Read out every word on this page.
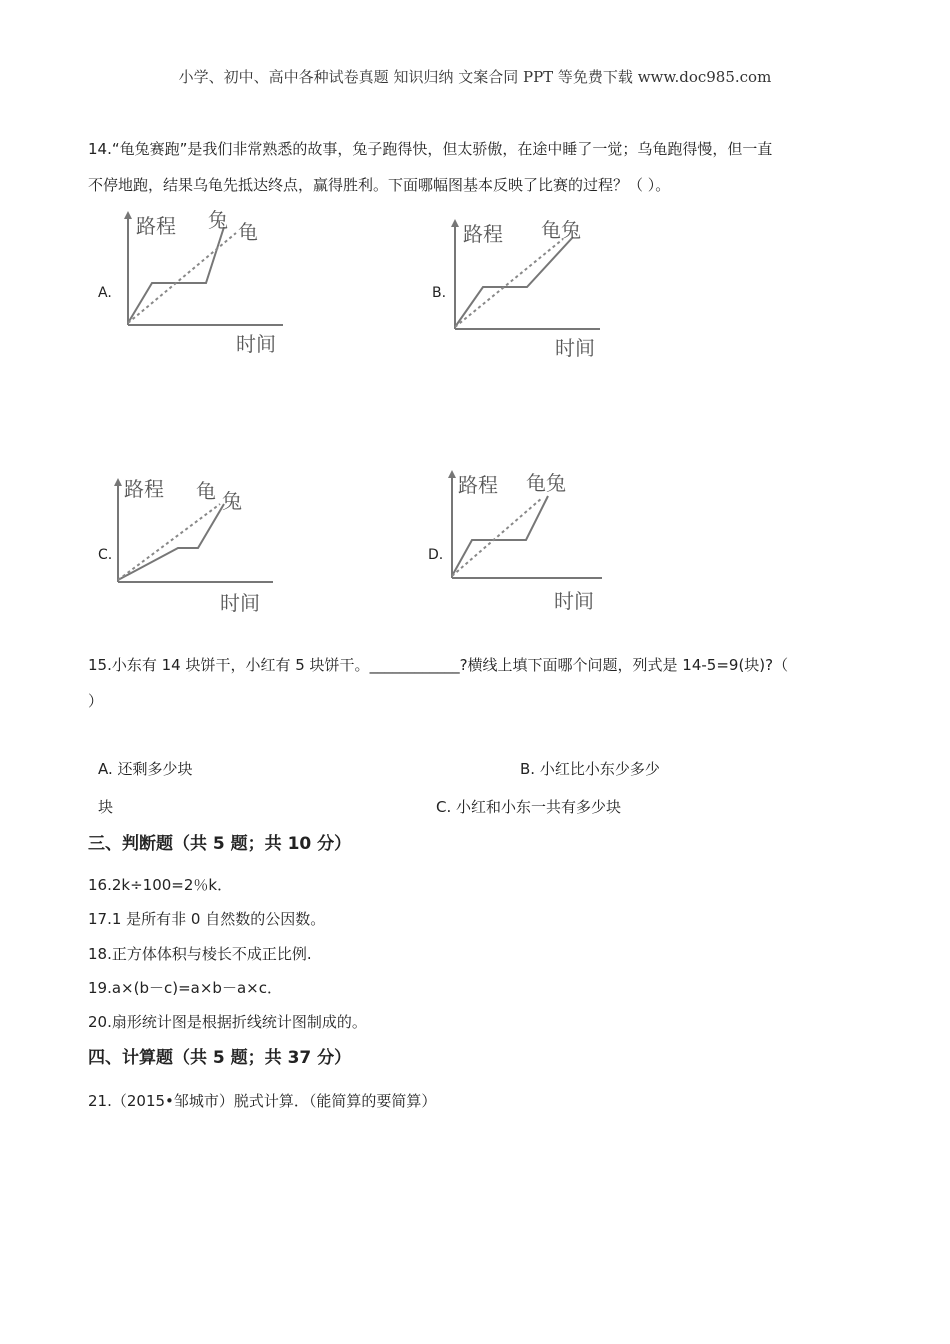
小学、初中、高中各种试卷真题 知识归纳 文案合同 PPT 等免费下载 www.doc985.com
14.“龟兔赛跑”是我们非常熟悉的故事，兔子跑得快，但太骄傲，在途中睡了一觉；乌龟跑得慢，但一直
不停地跑，结果乌龟先抵达终点，赢得胜利。下面哪幅图基本反映了比赛的过程？（ ）。
A.
路程 兔 龟
时间
B.
路程 龟兔
时间
C.
路程 龟 兔
时间
D.
路程 龟兔
时间
15.小东有 14 块饼干，小红有 5 块饼干。____________?横线上填下面哪个问题，列式是 14-5=9(块)?（
）
A. 还剩多少块	B. 小红比小东少多少
块	C. 小红和小东一共有多少块
三、判断题（共 5 题；共 10 分）
16.2k÷100=2％k．
17.1 是所有非 0 自然数的公因数。
18.正方体体积与棱长不成正比例.
19.a×(b－c)=a×b－a×c．
20.扇形统计图是根据折线统计图制成的。
四、计算题（共 5 题；共 37 分）
21.（2015•邹城市）脱式计算．（能简算的要简算）
